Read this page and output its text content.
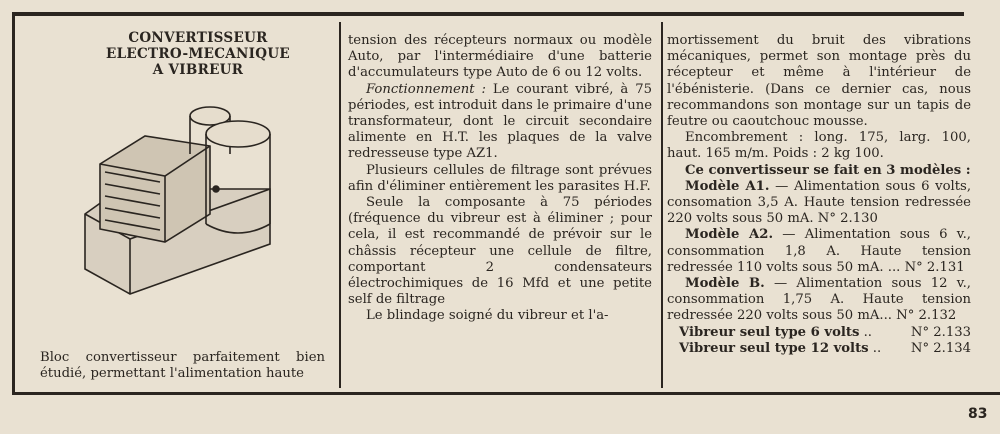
CONVERTISSEUR
ELECTRO-MECANIQUE
A VIBREUR
Bloc convertisseur parfaitement bien étudié, permettant l'alimentation haute

tension des récepteurs normaux ou modèle Auto, par l'intermédiaire d'une batterie d'accumulateurs type Auto de 6 ou 12 volts.

Fonctionnement : Le courant vibré, à 75 périodes, est introduit dans le primaire d'une transformateur, dont le circuit secondaire alimente en H.T. les plaques de la valve redresseuse type AZ1.

Plusieurs cellules de filtrage sont prévues afin d'éliminer entièrement les parasites H.F.

Seule la composante à 75 périodes (fréquence du vibreur est à éliminer ; pour cela, il est recommandé de prévoir sur le châssis récepteur une cellule de filtre, comportant 2 condensateurs électrochimiques de 16 Mfd et une petite self de filtrage

Le blindage soigné du vibreur et l'a-

mortissement du bruit des vibrations mécaniques, permet son montage près du récepteur et même à l'intérieur de l'ébénisterie. (Dans ce dernier cas, nous recommandons son montage sur un tapis de feutre ou caoutchouc mousse.

Encombrement : long. 175, larg. 100, haut. 165 m/m. Poids : 2 kg 100.

Ce convertisseur se fait en 3 modèles :

Modèle A1. — Alimentation sous 6 volts, consomation 3,5 A. Haute tension redressée 220 volts sous 50 mA. N° 2.130

Modèle A2. — Alimentation sous 6 v., consommation 1,8 A. Haute tension redressée 110 volts sous 50 mA. ... N° 2.131

Modèle B. — Alimentation sous 12 v., consommation 1,75 A. Haute tension redressée 220 volts sous 50 mA... N° 2.132

Vibreur seul type 6 volts ..	N° 2.133
Vibreur seul type 12 volts .. N° 2.134
83
